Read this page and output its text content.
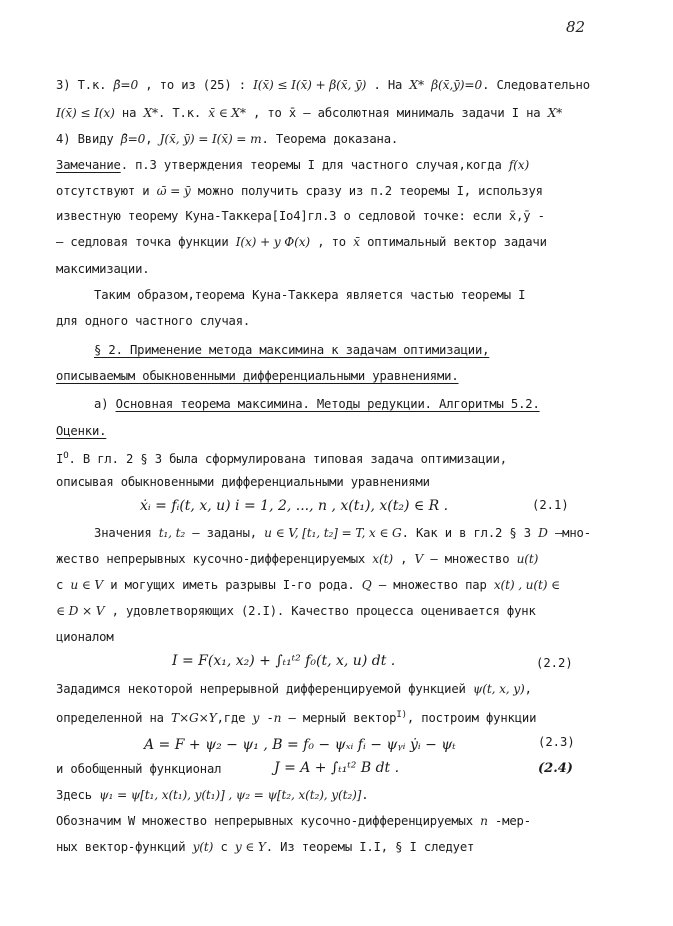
82
3) Т.к. β̄=0 , то из (25) : I(x̄) ≤ I(x̄) + β(x̄, ȳ) . На X* β(x̄,ȳ)=0. Следовательно
I(x̄) ≤ I(x) на X*. Т.к. x̄ ∈ X* , то x̄ – абсолютная минималь задачи I на X*
4) Ввиду β̄=0, J(x̄, ȳ) = I(x̄) = m. Теорема доказана.
Замечание. п.3 утверждения теоремы I для частного случая,когда f(x)
отсутствуют и ω̄ = ȳ можно получить сразу из п.2 теоремы I, используя
известную теорему Куна-Таккера[Io4]гл.3 о седловой точке: если x̄,ȳ -
– седловая точка функции I(x) + y Φ(x) , то x̄ оптимальный вектор задачи
максимизации.
Таким образом,теорема Куна-Таккера является частью теоремы I
для одного частного случая.
§ 2. Применение метода максимина к задачам оптимизации,
описываемым обыкновенными дифференциальными уравнениями.
а) Основная теорема максимина. Методы редукции. Алгоритмы 5.2.
Оценки.
$I^O$. В гл. 2 § 3 была сформулирована типовая задача оптимизации,
описывая обыкновенными дифференциальными уравнениями
Значения t₁, t₂ – заданы, u ∈ V, [t₁, t₂] = T, x ∈ G. Как и в гл.2 § 3 D –мно-
жество непрерывных кусочно-дифференцируемых x(t) , V – множество u(t)
с u ∈ V и могущих иметь разрывы I-го рода. Q – множество пар x(t) , u(t) ∈
∈ D × V , удовлетворяющих (2.I). Качество процесса оценивается функ
ционалом
Зададимся некоторой непрерывной дифференцируемой функцией ψ(t, x, y),
определенной на T×G×Y,где y -n – мерный вектор$^{I)}$, построим функции
и обобщенный функционал
Здесь ψ₁ = ψ[t₁, x(t₁), y(t₁)] , ψ₂ = ψ[t₂, x(t₂), y(t₂)].
Обозначим W множество непрерывных кусочно-дифференцируемых n -мер-
ных вектор-функций y(t) с y ∈ Y. Из теоремы I.I, § I следует
ẋᵢ = fᵢ(t, x, u) i = 1, 2, ..., n , x(t₁), x(t₂) ∈ R .	(2.1)
I = F(x₁, x₂) + ∫ₜ₁ᵗ² f₀(t, x, u) dt .	(2.2)
A = F + ψ₂ − ψ₁ , B = f₀ − ψₓᵢ fᵢ − ψᵧᵢ ẏᵢ − ψₜ	(2.3)
J = A + ∫ₜ₁ᵗ² B dt .	(2.4)
